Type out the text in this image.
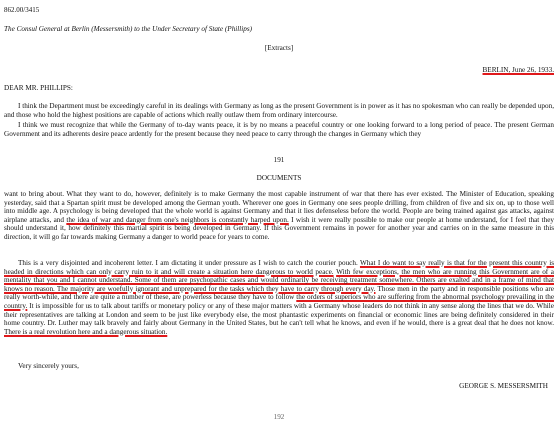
862.00/3415

The Consul General at Berlin (Messersmith) to the Under Secretary of State (Phillips)

[Extracts]

BERLIN, June 26, 1933.

DEAR MR. PHILLIPS:

I think the Department must be exceedingly careful in its dealings with Germany as long as the present Government is in power as it has no spokesman who can really be depended upon, and those who hold the highest positions are capable of actions which really outlaw them from ordinary intercourse.

I think we must recognize that while the Germany of to-day wants peace, it is by no means a peaceful country or one looking forward to a long period of peace. The present German Government and its adherents desire peace ardently for the present because they need peace to carry through the changes in Germany which they

191

DOCUMENTS

want to bring about. What they want to do, however, definitely is to make Germany the most capable instrument of war that there has ever existed. The Minister of Education, speaking yesterday, said that a Spartan spirit must be developed among the German youth. Wherever one goes in Germany one sees people drilling, from children of five and six on, up to those well into middle age. A psychology is being developed that the whole world is against Germany and that it lies defenseless before the world. People are being trained against gas attacks, against airplane attacks, and the idea of war and danger from one's neighbors is constantly harped upon. I wish it were really possible to make our people at home understand, for I feel that they should understand it, how definitely this martial spirit is being developed in Germany. If this Government remains in power for another year and carries on in the same measure in this direction, it will go far towards making Germany a danger to world peace for years to come.

This is a very disjointed and incoherent letter. I am dictating it under pressure as I wish to catch the courier pouch. What I do want to say really is that for the present this country is headed in directions which can only carry ruin to it and will create a situation here dangerous to world peace. With few exceptions, the men who are running this Government are of a mentality that you and I cannot understand. Some of them are psychopathic cases and would ordinarily be receiving treatment somewhere. Others are exalted and in a frame of mind that knows no reason. The majority are woefully ignorant and unprepared for the tasks which they have to carry through every day. Those men in the party and in responsible positions who are really worth-while, and there are quite a number of these, are powerless because they have to follow the orders of superiors who are suffering from the abnormal psychology prevailing in the country. It is impossible for us to talk about tariffs or monetary policy or any of these major matters with a Germany whose leaders do not think in any sense along the lines that we do. While their representatives are talking at London and seem to be just like everybody else, the most phantastic experiments on financial or economic lines are being definitely considered in their home country. Dr. Luther may talk bravely and fairly about Germany in the United States, but he can't tell what he knows, and even if he would, there is a great deal that he does not know. There is a real revolution here and a dangerous situation.

Very sincerely yours,

GEORGE S. MESSERSMITH

192
